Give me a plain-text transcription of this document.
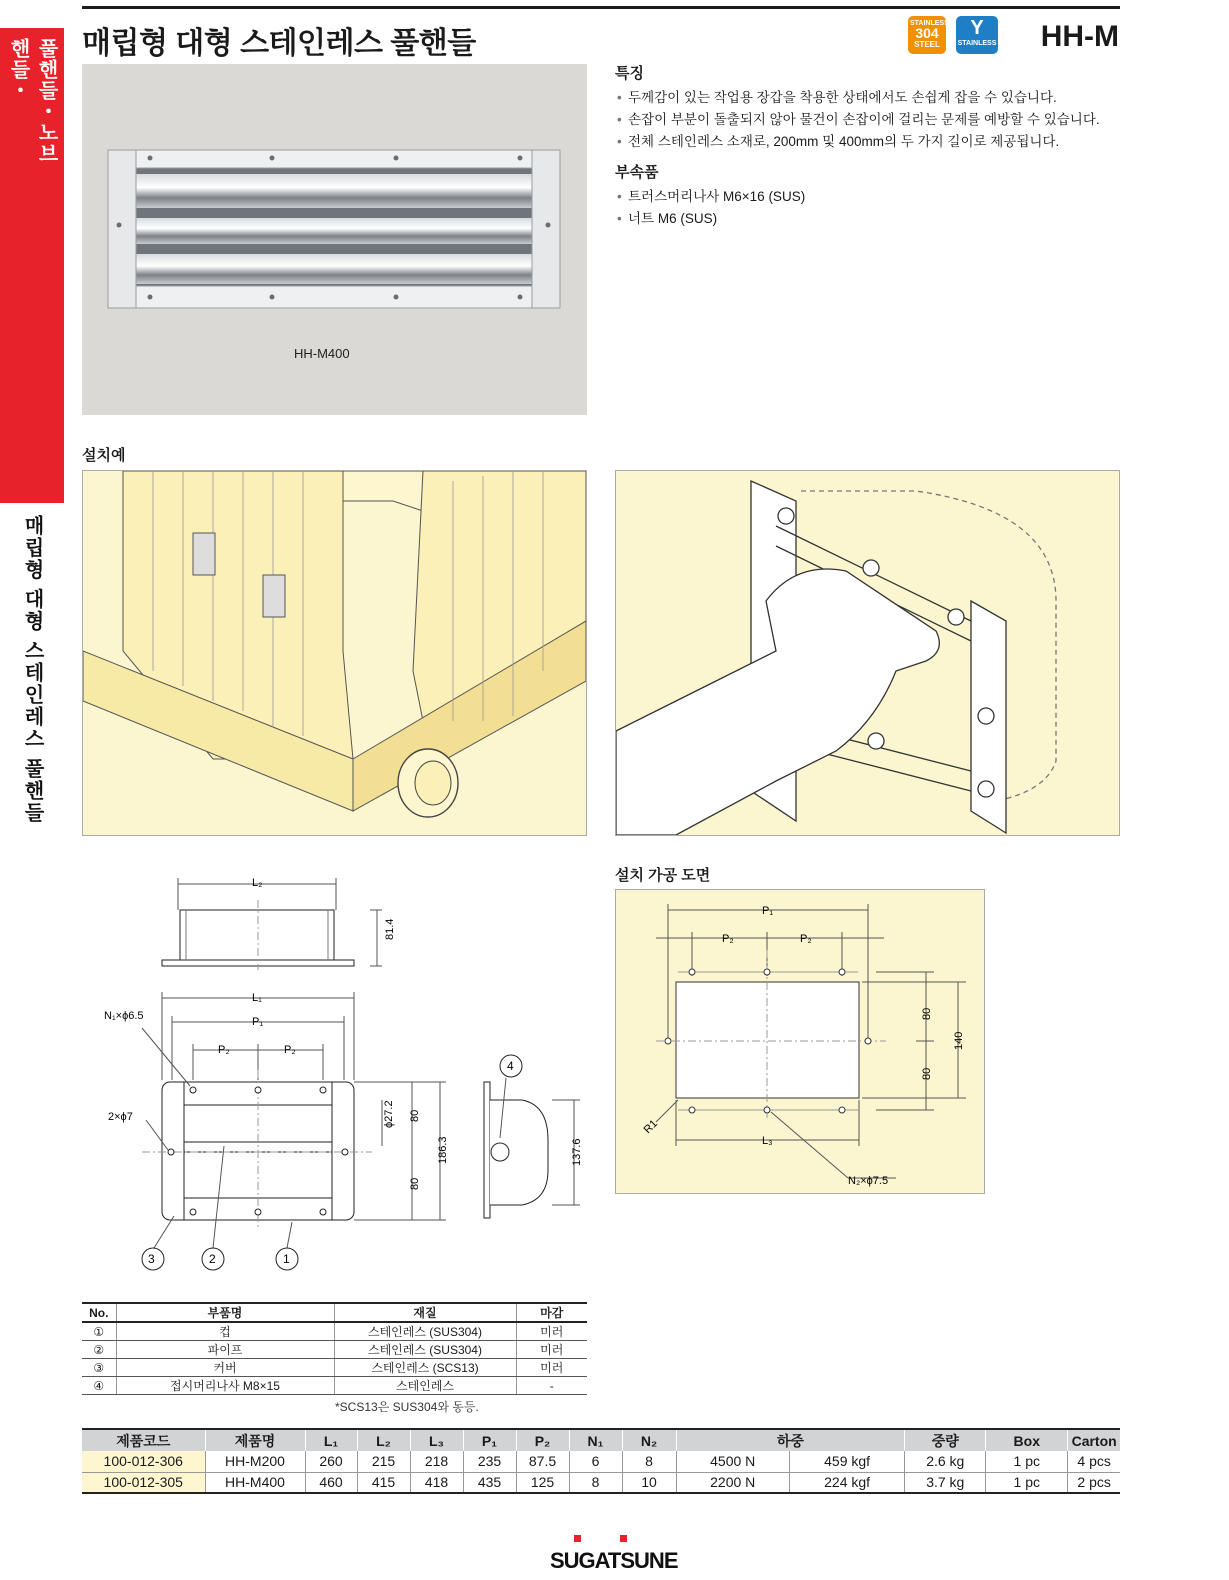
핸들・ 풀핸들・노브
매립형 대형 스테인레스 풀핸들
매립형 대형 스테인레스 풀핸들
STAINLESS
304
STEEL
Y
STAINLESS HH-M
HH-M400
특징
• 두께감이 있는 작업용 장갑을 착용한 상태에서도 손쉽게 잡을 수 있습니다.
• 손잡이 부분이 돌출되지 않아 물건이 손잡이에 걸리는 문제를 예방할 수 있습니다.
• 전체 스테인레스 소재로, 200mm 및 400mm의 두 가지 길이로 제공됩니다.
부속품
• 트러스머리나사 M6×16 (SUS)
• 너트 M6 (SUS)
설치예
L₂
81.4
L₁
P₁
P₂	P₂
N₁×ϕ6.5
2×ϕ7	ϕ27.2 80
80
186.3	137.6
3	2	1
4
설치 가공 도면
P₁
P₂	P₂
80
80
140
R1
L₃
N₂×ϕ7.5
No.	부품명	재질	마감
①	컵	스테인레스 (SUS304)	미러
②	파이프	스테인레스 (SUS304)	미러
③	커버	스테인레스 (SCS13)	미러
④	접시머리나사 M8×15	스테인레스	-
*SCS13은 SUS304와 동등.
제품코드	제품명	L₁	L₂	L₃	P₁	P₂	N₁	N₂	하중		중량	Box	Carton
100-012-306	HH-M200	260	215	218	235	87.5	6	8	4500 N	459 kgf	2.6 kg	1 pc	4 pcs
100-012-305	HH-M400	460	415	418	435	125	8	10	2200 N	224 kgf	3.7 kg	1 pc	2 pcs
SUGATSUNE
